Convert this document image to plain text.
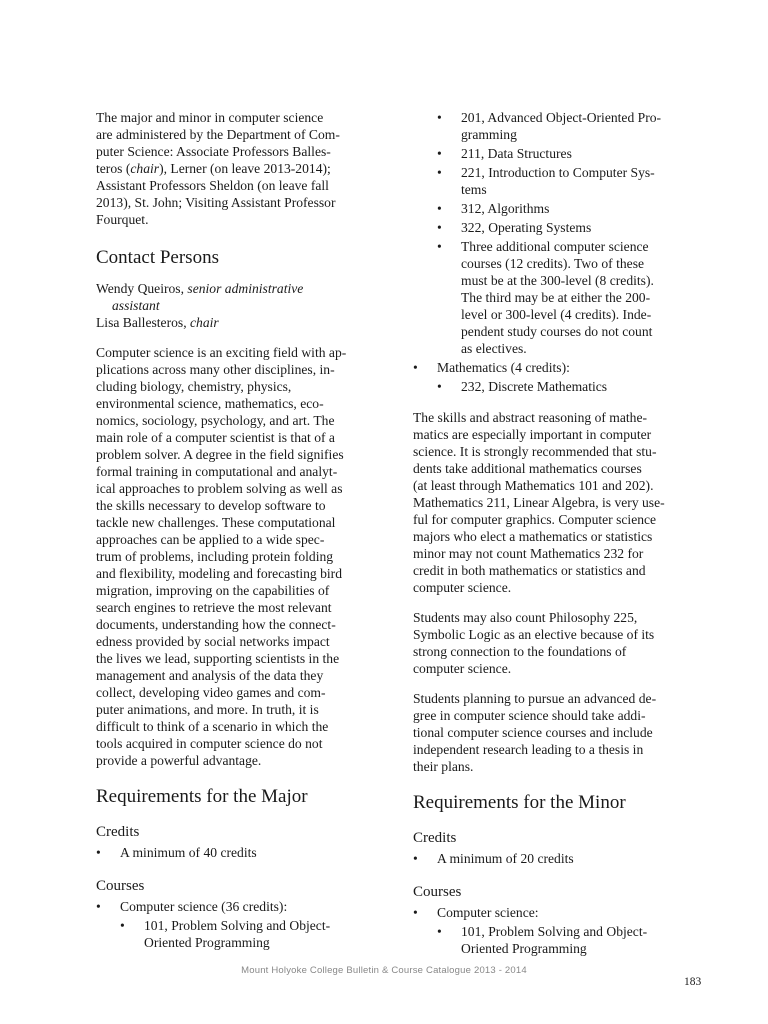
The major and minor in computer science
are administered by the Department of Com-
puter Science: Associate Professors Balles-
teros (chair), Lerner (on leave 2013-2014);
Assistant Professors Sheldon (on leave fall
2013), St. John; Visiting Assistant Professor
Fourquet.

Contact Persons
Wendy Queiros, senior administrative
assistant
Lisa Ballesteros, chair

Computer science is an exciting field with ap-
plications across many other disciplines, in-
cluding biology, chemistry, physics,
environmental science, mathematics, eco-
nomics, sociology, psychology, and art. The
main role of a computer scientist is that of a
problem solver. A degree in the field signifies
formal training in computational and analyt-
ical approaches to problem solving as well as
the skills necessary to develop software to
tackle new challenges. These computational
approaches can be applied to a wide spec-
trum of problems, including protein folding
and flexibility, modeling and forecasting bird
migration, improving on the capabilities of
search engines to retrieve the most relevant
documents, understanding how the connect-
edness provided by social networks impact
the lives we lead, supporting scientists in the
management and analysis of the data they
collect, developing video games and com-
puter animations, and more. In truth, it is
difficult to think of a scenario in which the
tools acquired in computer science do not
provide a powerful advantage.

Requirements for the Major
Credits
• A minimum of 40 credits
Courses
• Computer science (36 credits):
• 101, Problem Solving and Object-
Oriented Programming
• 201, Advanced Object-Oriented Pro-
gramming
• 211, Data Structures
• 221, Introduction to Computer Sys-
tems
• 312, Algorithms
• 322, Operating Systems
• Three additional computer science
courses (12 credits). Two of these
must be at the 300-level (8 credits).
The third may be at either the 200-
level or 300-level (4 credits). Inde-
pendent study courses do not count
as electives.
• Mathematics (4 credits):
• 232, Discrete Mathematics

The skills and abstract reasoning of mathe-
matics are especially important in computer
science. It is strongly recommended that stu-
dents take additional mathematics courses
(at least through Mathematics 101 and 202).
Mathematics 211, Linear Algebra, is very use-
ful for computer graphics. Computer science
majors who elect a mathematics or statistics
minor may not count Mathematics 232 for
credit in both mathematics or statistics and
computer science.

Students may also count Philosophy 225,
Symbolic Logic as an elective because of its
strong connection to the foundations of
computer science.

Students planning to pursue an advanced de-
gree in computer science should take addi-
tional computer science courses and include
independent research leading to a thesis in
their plans.

Requirements for the Minor
Credits
• A minimum of 20 credits
Courses
• Computer science:
• 101, Problem Solving and Object-
Oriented Programming
Mount Holyoke College Bulletin & Course Catalogue 2013 - 2014
183
